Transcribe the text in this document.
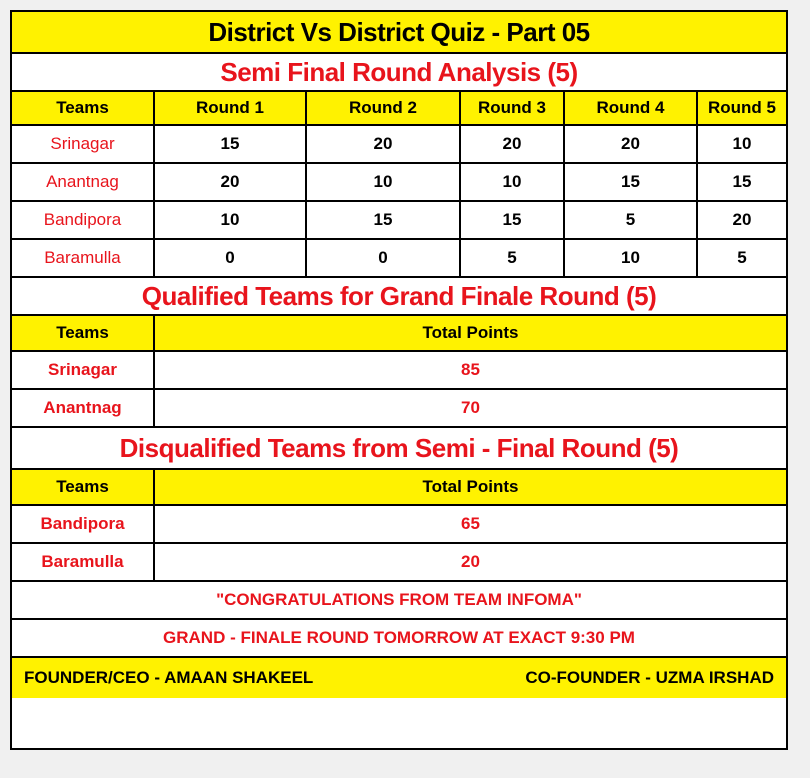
District Vs District Quiz - Part 05
Semi Final Round Analysis (5)
Teams	Round 1	Round 2	Round 3	Round 4	Round 5
Srinagar	15	20	20	20	10
Anantnag	20	10	10	15	15
Bandipora	10	15	15	5	20
Baramulla	0	0	5	10	5
Qualified Teams for Grand Finale Round (5)
Teams	Total Points
Srinagar	85
Anantnag	70
Disqualified Teams from Semi - Final Round (5)
Teams	Total Points
Bandipora	65
Baramulla	20
"CONGRATULATIONS FROM TEAM INFOMA"
GRAND - FINALE ROUND TOMORROW AT EXACT 9:30 PM
FOUNDER/CEO - AMAAN SHAKEEL	CO-FOUNDER - UZMA IRSHAD
